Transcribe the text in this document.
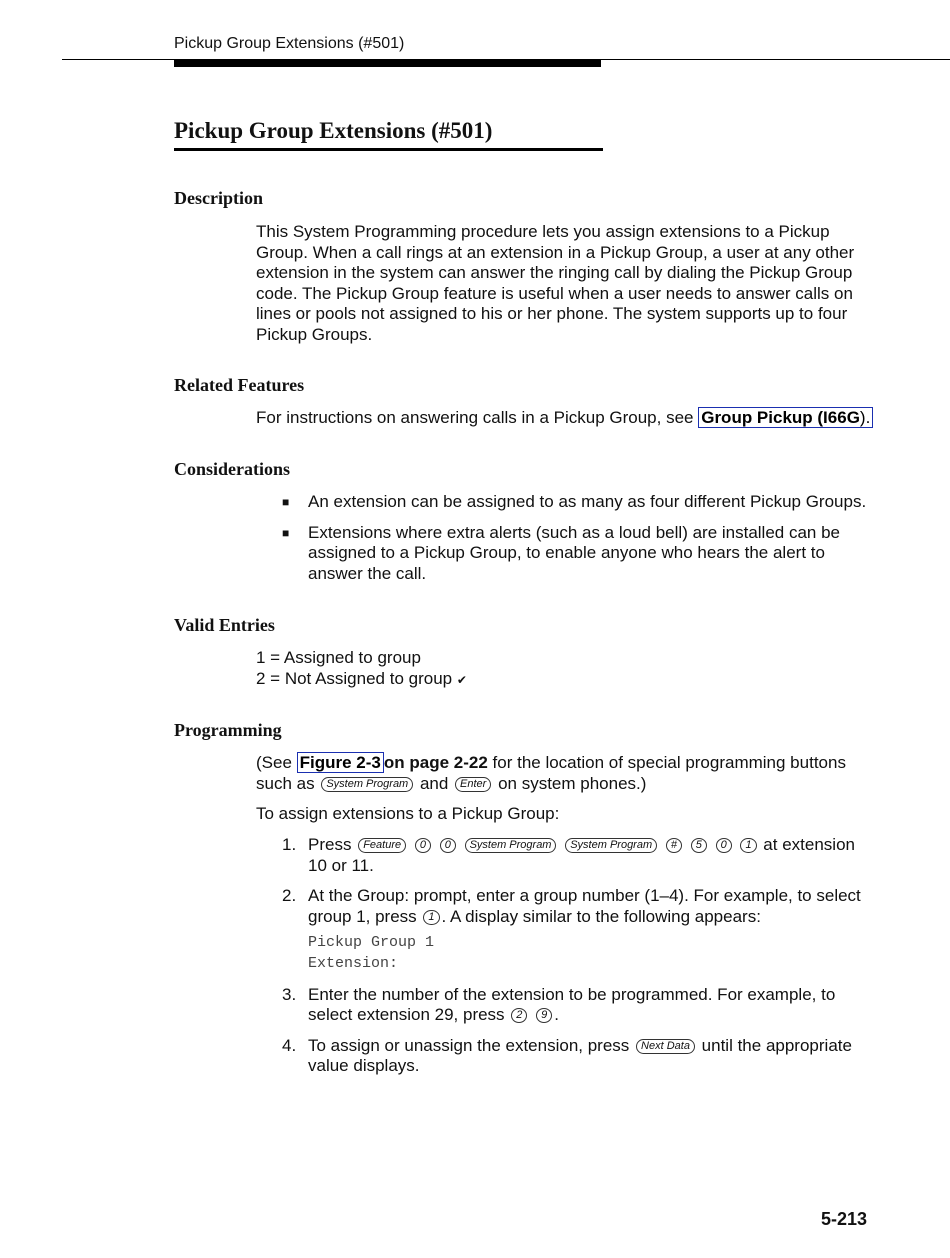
Pickup Group Extensions (#501)
Pickup Group Extensions (#501)
Description

This System Programming procedure lets you assign extensions to a Pickup Group. When a call rings at an extension in a Pickup Group, a user at any other extension in the system can answer the ringing call by dialing the Pickup Group code. The Pickup Group feature is useful when a user needs to answer calls on lines or pools not assigned to his or her phone. The system supports up to four Pickup Groups.

Related Features

For instructions on answering calls in a Pickup Group, see Group Pickup (I66G).

Considerations
■ An extension can be assigned to as many as four different Pickup Groups.
■ Extensions where extra alerts (such as a loud bell) are installed can be assigned to a Pickup Group, to enable anyone who hears the alert to answer the call.
Valid Entries

1 = Assigned to group

2 = Not Assigned to group ✔

Programming

(See Figure 2-3 on page 2-22 for the location of special programming buttons such as System Program and Enter on system phones.)

To assign extensions to a Pickup Group:

1. Press Feature 0 0 System Program System Program # 5 0 1 at extension 10 or 11.
2. At the Group: prompt, enter a group number (1–4). For example, to select group 1, press 1 . A display similar to the following appears:
Pickup Group 1
Extension:
3. Enter the number of the extension to be programmed. For example, to select extension 29, press 2 9 .
4. To assign or unassign the extension, press Next Data until the appropriate value displays.
5-213
